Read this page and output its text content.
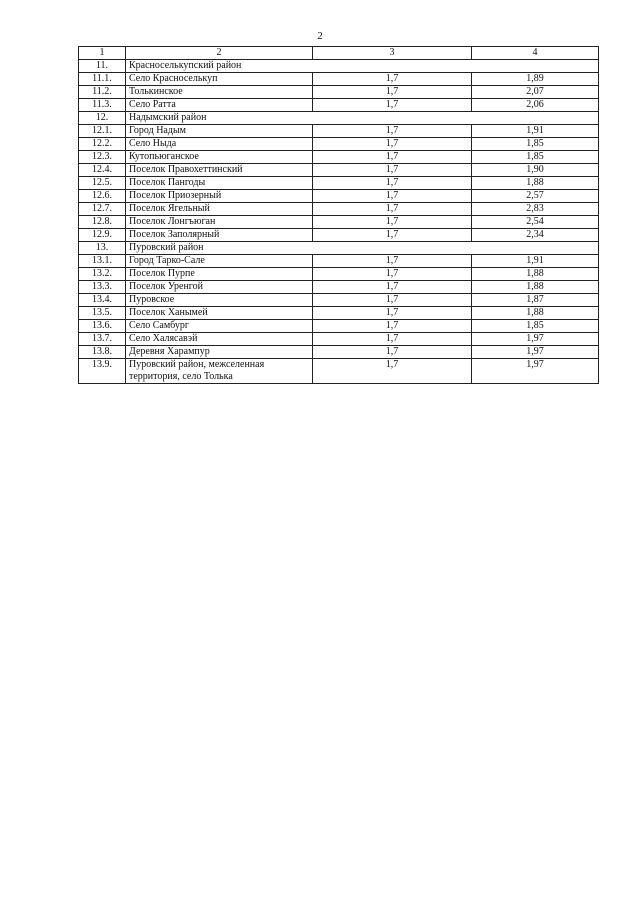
2
1	2	3	4
11.	Красноселькупский район		
11.1.	Село Красноселькуп	1,7	1,89
11.2.	Толькинское	1,7	2,07
11.3.	Село Ратта	1,7	2,06
12.	Надымский район		
12.1.	Город Надым	1,7	1,91
12.2.	Село Ныда	1,7	1,85
12.3.	Кутопьюганское	1,7	1,85
12.4.	Поселок Правохеттинский	1,7	1,90
12.5.	Поселок Пангоды	1,7	1,88
12.6.	Поселок Приозерный	1,7	2,57
12.7.	Поселок Ягельный	1,7	2,83
12.8.	Поселок Лонгъюган	1,7	2,54
12.9.	Поселок Заполярный	1,7	2,34
13.	Пуровский район		
13.1.	Город Тарко-Сале	1,7	1,91
13.2.	Поселок Пурпе	1,7	1,88
13.3.	Поселок Уренгой	1,7	1,88
13.4.	Пуровское	1,7	1,87
13.5.	Поселок Ханымей	1,7	1,88
13.6.	Село Самбург	1,7	1,85
13.7.	Село Халясавэй	1,7	1,97
13.8.	Деревня Харампур	1,7	1,97
13.9.	Пуровский район, межселенная территория, село Толька	1,7	1,97
